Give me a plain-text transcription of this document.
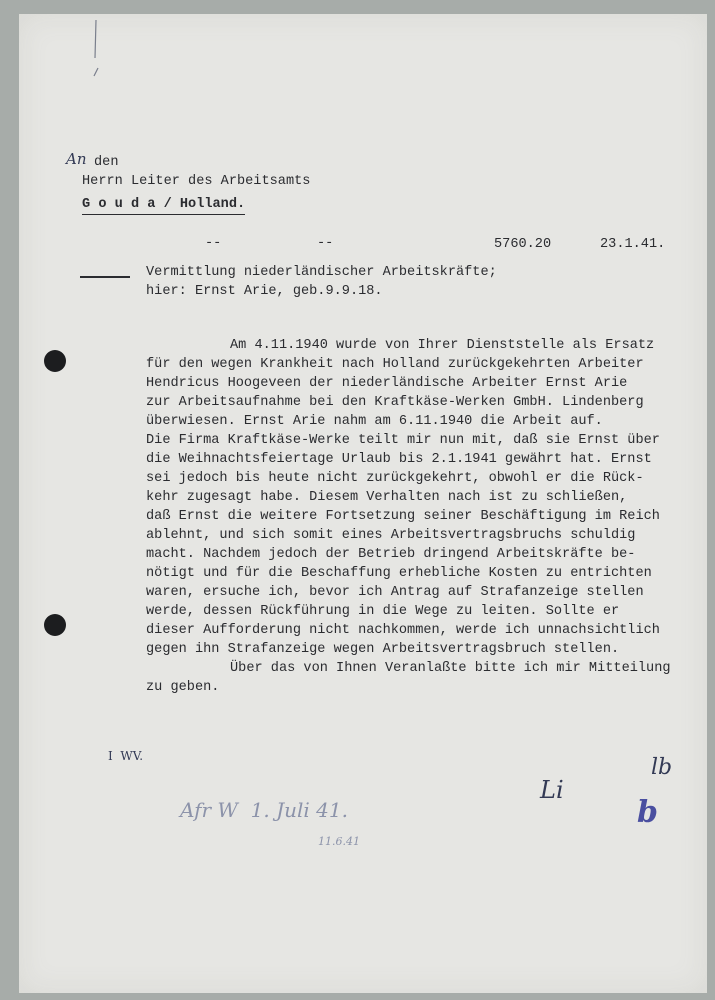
An den
Herrn Leiter des Arbeitsamts
G o u d a / Holland.
--	--	5760.20	23.1.41.
Vermittlung niederländischer Arbeitskräfte;
hier: Ernst Arie, geb.9.9.18.
Am 4.11.1940 wurde von Ihrer Dienststelle als Ersatz
für den wegen Krankheit nach Holland zurückgekehrten Arbeiter
Hendricus Hoogeveen der niederländische Arbeiter Ernst Arie
zur Arbeitsaufnahme bei den Kraftkäse-Werken GmbH. Lindenberg
überwiesen. Ernst Arie nahm am 6.11.1940 die Arbeit auf.
Die Firma Kraftkäse-Werke teilt mir nun mit, daß sie Ernst über
die Weihnachtsfeiertage Urlaub bis 2.1.1941 gewährt hat. Ernst
sei jedoch bis heute nicht zurückgekehrt, obwohl er die Rück-
kehr zugesagt habe. Diesem Verhalten nach ist zu schließen,
daß Ernst die weitere Fortsetzung seiner Beschäftigung im Reich
ablehnt, und sich somit eines Arbeitsvertragsbruchs schuldig
macht. Nachdem jedoch der Betrieb dringend Arbeitskräfte be-
nötigt und für die Beschaffung erhebliche Kosten zu entrichten
waren, ersuche ich, bevor ich Antrag auf Strafanzeige stellen
werde, dessen Rückführung in die Wege zu leiten. Sollte er
dieser Aufforderung nicht nachkommen, werde ich unnachsichtlich
gegen ihn Strafanzeige wegen Arbeitsvertragsbruch stellen.
Über das von Ihnen Veranlaßte bitte ich mir Mitteilung
zu geben.
I  WV.
Afr W  1. Juli 41.
11.6.41
Li
lb
b
